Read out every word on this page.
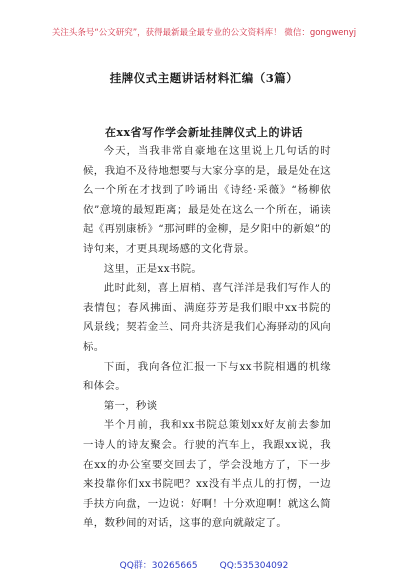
关注头条号“公文研究”，获得最新最全最专业的公文资料库！ 微信：gongwenyj
挂牌仪式主题讲话材料汇编（3篇）
在xx省写作学会新址挂牌仪式上的讲话

今天，当我非常自豪地在这里说上几句话的时候，我迫不及待地想要与大家分享的是，最是处在这么一个所在才找到了吟诵出《诗经·采薇》“杨柳依依”意境的最短距离；最是处在这么一个所在，诵读起《再别康桥》“那河畔的金柳，是夕阳中的新娘”的诗句来，才更具现场感的文化背景。

这里，正是xx书院。

此时此刻，喜上眉梢、喜气洋洋是我们写作人的表情包；春风拂面、满庭芬芳是我们眼中xx书院的风景线；契若金兰、同舟共济是我们心海驿动的风向标。

下面，我向各位汇报一下与xx书院相遇的机缘和体会。

第一，秒谈

半个月前，我和xx书院总策划xx好友前去参加一诗人的诗友聚会。行驶的汽车上，我跟xx说，我在xx的办公室要交回去了，学会没地方了，下一步来投靠你们xx书院吧？xx没有半点儿的打愣，一边手扶方向盘，一边说：好啊！十分欢迎啊！就这么简单，数秒间的对话，这事的意向就敲定了。

QQ群：30265665 QQ:535304092
